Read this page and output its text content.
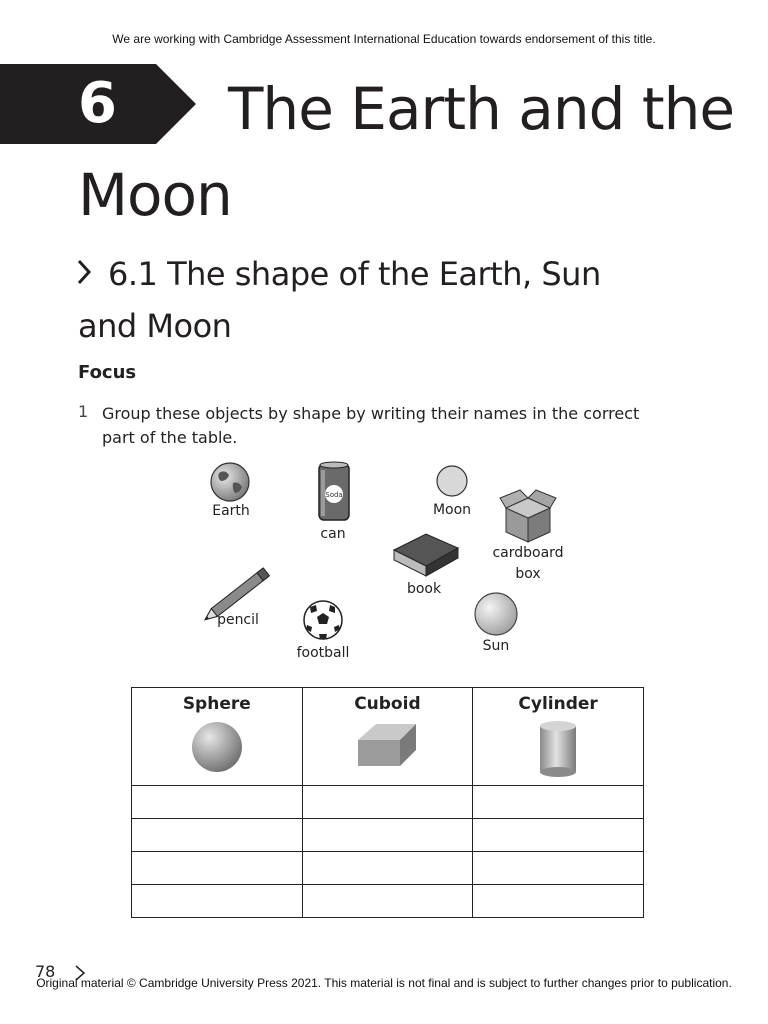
We are working with Cambridge Assessment International Education towards endorsement of this title.
6	The Earth and the Moon
6.1 The shape of the Earth, Sun and Moon
Focus
1 Group these objects by shape by writing their names in the correct part of the table.
Earth
Soda
can
Moon
cardboard box
book
pencil
football	Sun
Sphere	Cuboid	Cylinder

78
Original material © Cambridge University Press 2021. This material is not final and is subject to further changes prior to publication.
